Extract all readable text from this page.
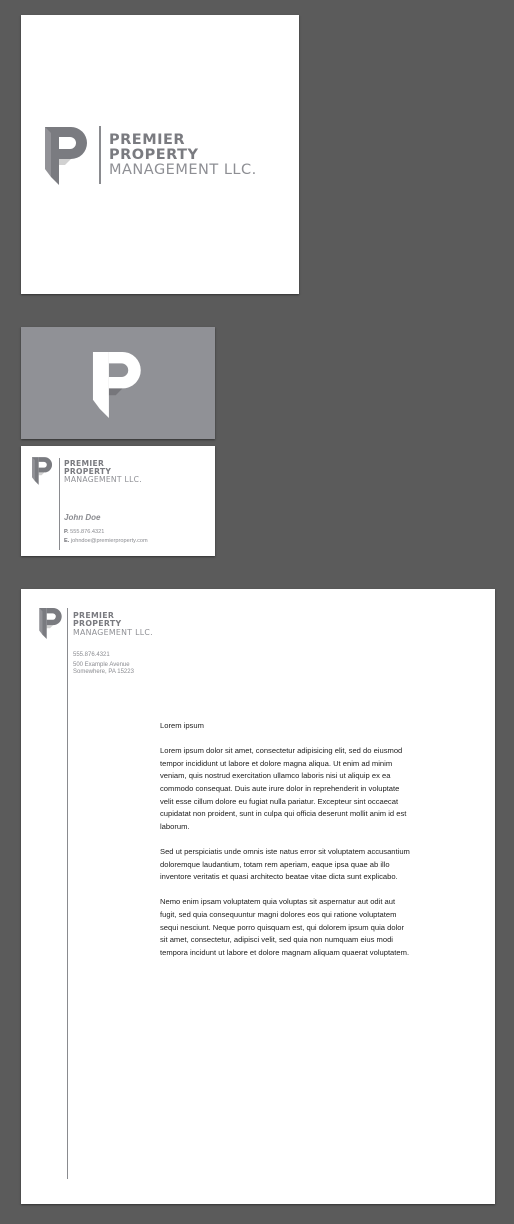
PREMIER
PROPERTY
MANAGEMENT LLC.
PREMIER
PROPERTY
MANAGEMENT LLC.
John Doe
P. 555.876.4321
E. johndoe@premierproperty.com
PREMIER
PROPERTY
MANAGEMENT LLC.
555.876.4321
500 Example Avenue
Somewhere, PA 15223

Lorem ipsum

Lorem ipsum dolor sit amet, consectetur adipisicing elit, sed do eiusmod tempor incididunt ut labore et dolore magna aliqua. Ut enim ad minim veniam, quis nostrud exercitation ullamco laboris nisi ut aliquip ex ea commodo consequat. Duis aute irure dolor in reprehenderit in voluptate velit esse cillum dolore eu fugiat nulla pariatur. Excepteur sint occaecat cupidatat non proident, sunt in culpa qui officia deserunt mollit anim id est laborum.

Sed ut perspiciatis unde omnis iste natus error sit voluptatem accusantium doloremque laudantium, totam rem aperiam, eaque ipsa quae ab illo inventore veritatis et quasi architecto beatae vitae dicta sunt explicabo.

Nemo enim ipsam voluptatem quia voluptas sit aspernatur aut odit aut fugit, sed quia consequuntur magni dolores eos qui ratione voluptatem sequi nesciunt. Neque porro quisquam est, qui dolorem ipsum quia dolor sit amet, consectetur, adipisci velit, sed quia non numquam eius modi tempora incidunt ut labore et dolore magnam aliquam quaerat voluptatem.
